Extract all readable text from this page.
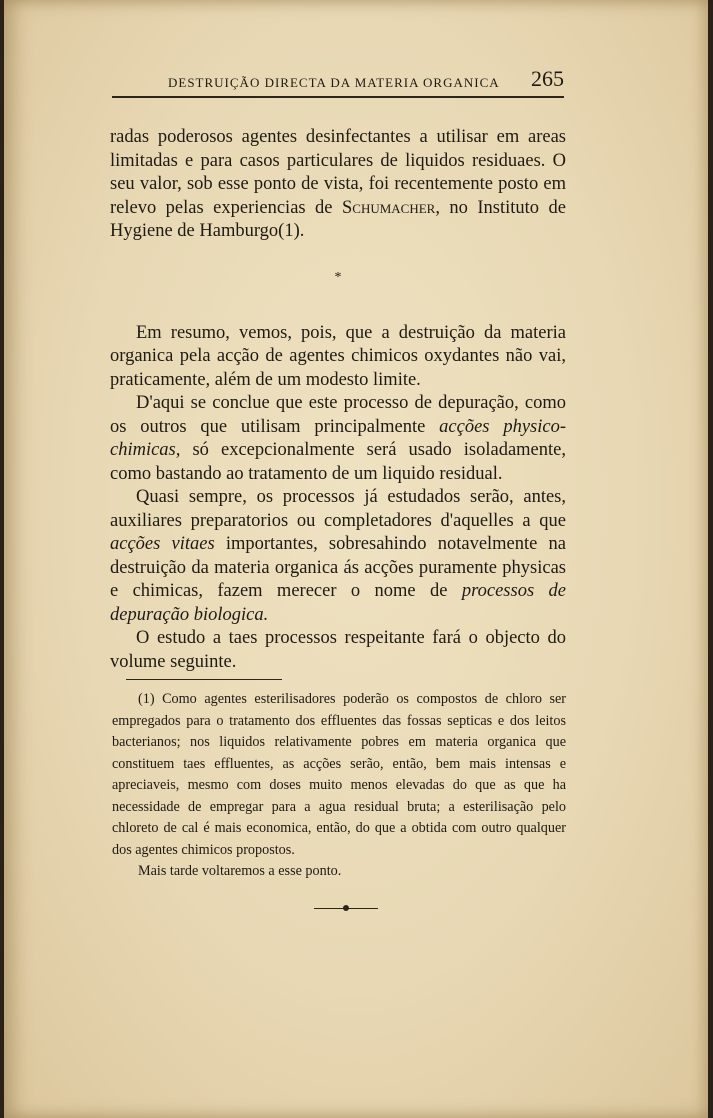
DESTRUIÇÃO DIRECTA DA MATERIA ORGANICA 265

radas poderosos agentes desinfectantes a utilisar em areas limitadas e para casos particulares de liquidos residuaes. O seu valor, sob esse ponto de vista, foi recentemente posto em relevo pelas experiencias de Schumacher, no Instituto de Hygiene de Hamburgo(1).

*

Em resumo, vemos, pois, que a destruição da materia organica pela acção de agentes chimicos oxydantes não vai, praticamente, além de um modesto limite.

D'aqui se conclue que este processo de depuração, como os outros que utilisam principalmente acções physico-chimicas, só excepcionalmente será usado isoladamente, como bastando ao tratamento de um liquido residual.

Quasi sempre, os processos já estudados serão, antes, auxiliares preparatorios ou completadores d'aquelles a que acções vitaes importantes, sobresahindo notavelmente na destruição da materia organica ás acções puramente physicas e chimicas, fazem merecer o nome de processos de depuração biologica.

O estudo a taes processos respeitante fará o objecto do volume seguinte.

(1) Como agentes esterilisadores poderão os compostos de chloro ser empregados para o tratamento dos effluentes das fossas septicas e dos leitos bacterianos; nos liquidos relativamente pobres em materia organica que constituem taes effluentes, as acções serão, então, bem mais intensas e apreciaveis, mesmo com doses muito menos elevadas do que as que ha necessidade de empregar para a agua residual bruta; a esterilisação pelo chloreto de cal é mais economica, então, do que a obtida com outro qualquer dos agentes chimicos propostos.

Mais tarde voltaremos a esse ponto.
